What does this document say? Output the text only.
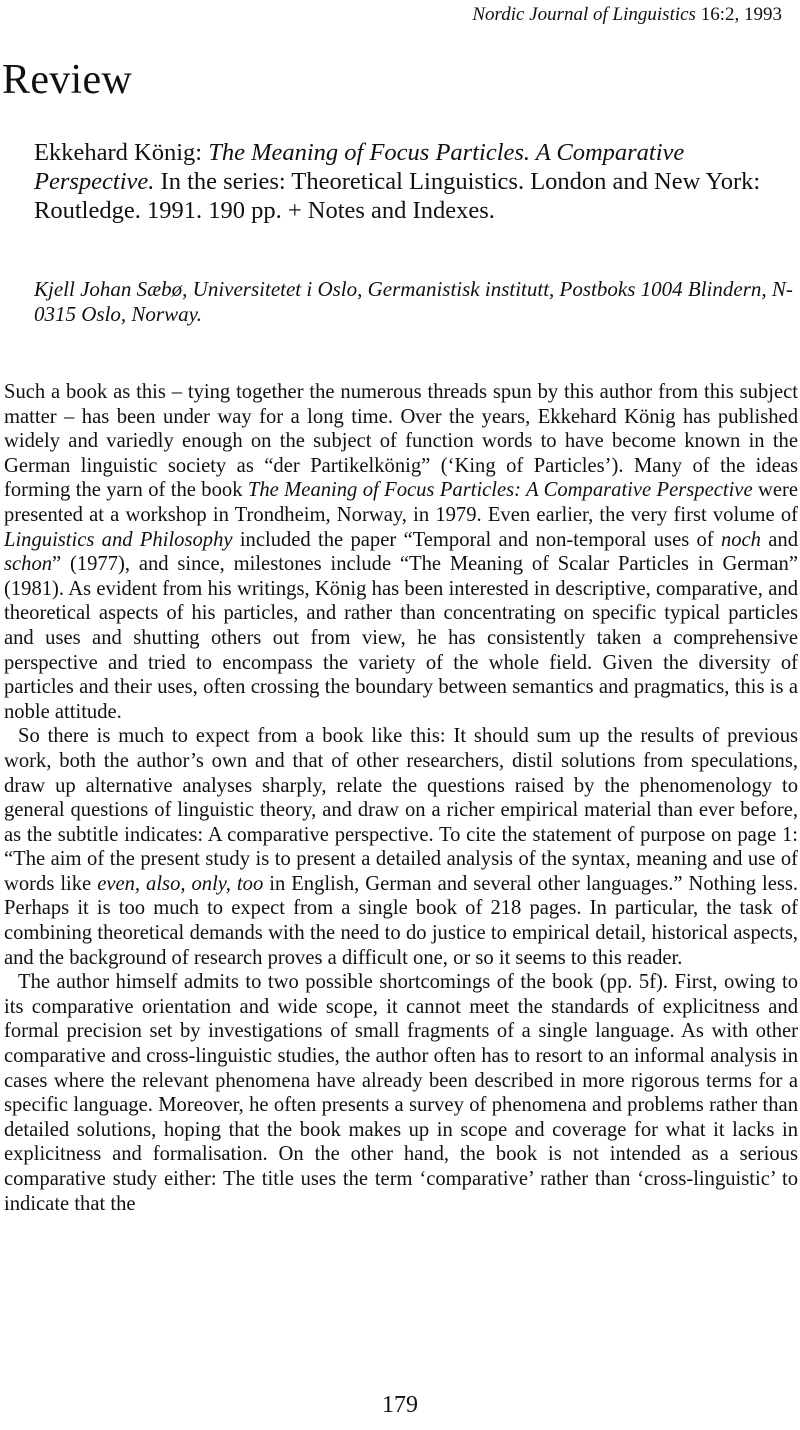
Nordic Journal of Linguistics 16:2, 1993
Review

Ekkehard König: The Meaning of Focus Particles. A Comparative Perspective. In the series: Theoretical Linguistics. London and New York: Routledge. 1991. 190 pp. + Notes and Indexes.

Kjell Johan Sæbø, Universitetet i Oslo, Germanistisk institutt, Postboks 1004 Blindern, N-0315 Oslo, Norway.

Such a book as this – tying together the numerous threads spun by this author from this subject matter – has been under way for a long time. Over the years, Ekkehard König has published widely and variedly enough on the subject of function words to have become known in the German linguistic society as “der Partikelkönig” (‘King of Particles’). Many of the ideas forming the yarn of the book The Meaning of Focus Particles: A Comparative Perspective were presented at a workshop in Trondheim, Norway, in 1979. Even earlier, the very first volume of Linguistics and Philosophy included the paper “Temporal and non-temporal uses of noch and schon” (1977), and since, milestones include “The Meaning of Scalar Particles in German” (1981). As evident from his writings, König has been interested in descriptive, comparative, and theoretical aspects of his particles, and rather than concentrating on specific typical particles and uses and shutting others out from view, he has consistently taken a comprehensive perspective and tried to encompass the variety of the whole field. Given the diversity of particles and their uses, often crossing the boundary between semantics and pragmatics, this is a noble attitude.

So there is much to expect from a book like this: It should sum up the results of previous work, both the author’s own and that of other researchers, distil solutions from speculations, draw up alternative analyses sharply, relate the questions raised by the phenomenology to general questions of linguistic theory, and draw on a richer empirical material than ever before, as the subtitle indicates: A comparative perspective. To cite the statement of purpose on page 1: “The aim of the present study is to present a detailed analysis of the syntax, meaning and use of words like even, also, only, too in English, German and several other languages.” Nothing less. Perhaps it is too much to expect from a single book of 218 pages. In particular, the task of combining theoretical demands with the need to do justice to empirical detail, historical aspects, and the background of research proves a difficult one, or so it seems to this reader.

The author himself admits to two possible shortcomings of the book (pp. 5f). First, owing to its comparative orientation and wide scope, it cannot meet the standards of explicitness and formal precision set by investigations of small fragments of a single language. As with other comparative and cross-linguistic studies, the author often has to resort to an informal analysis in cases where the relevant phenomena have already been described in more rigorous terms for a specific language. Moreover, he often presents a survey of phenomena and problems rather than detailed solutions, hoping that the book makes up in scope and coverage for what it lacks in explicitness and formalisation. On the other hand, the book is not intended as a serious comparative study either: The title uses the term ‘comparative’ rather than ‘cross-linguistic’ to indicate that the

179
